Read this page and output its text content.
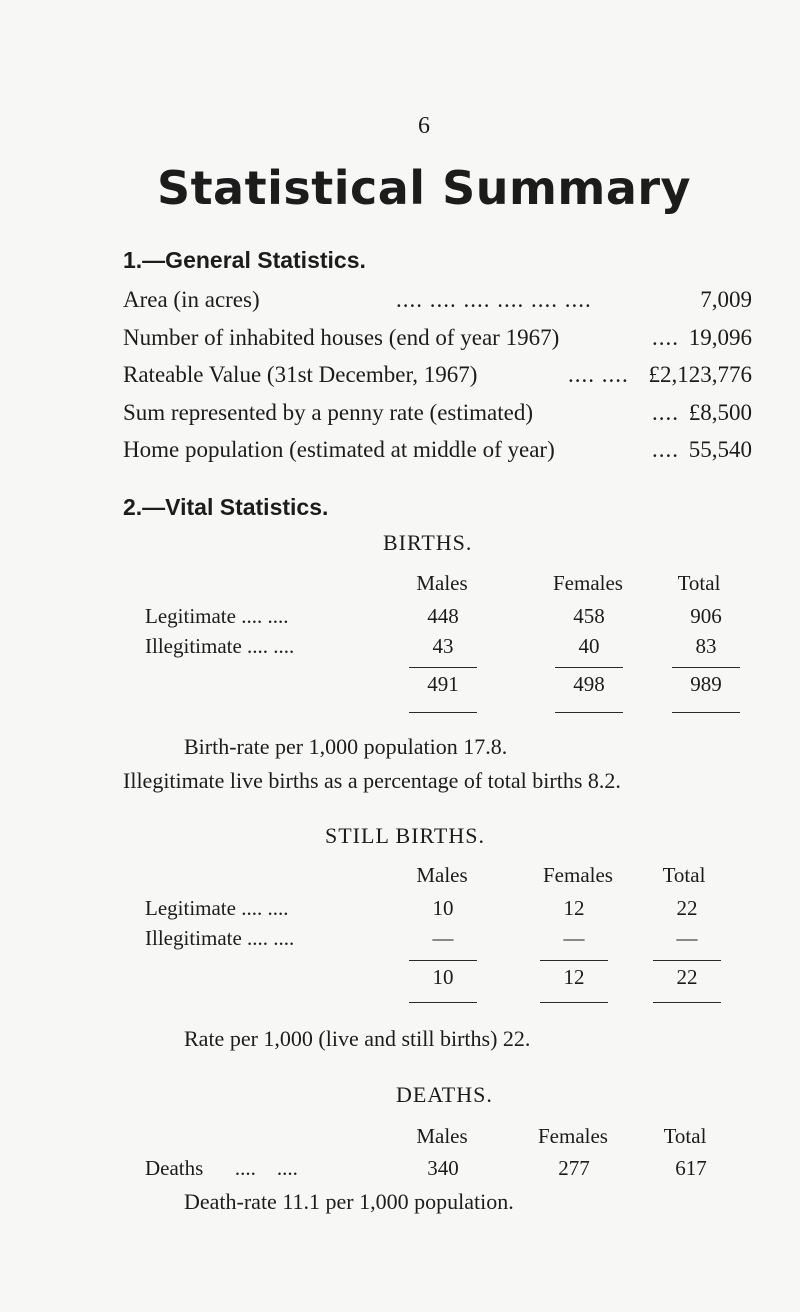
6
Statistical Summary
1.—General Statistics.
Area (in acres)	.... .... .... .... .... ....	7,009
Number of inhabited houses (end of year 1967)	.... 19,096
Rateable Value (31st December, 1967)	.... .... £2,123,776
Sum represented by a penny rate (estimated)	.... £8,500
Home population (estimated at middle of year)	.... 55,540
2.—Vital Statistics.
BIRTHS.
Males	Females	Total
Legitimate .... ....	448	458	906
Illegitimate .... ....	43	40	83
491	498	989
Birth-rate per 1,000 population 17.8.
Illegitimate live births as a percentage of total births 8.2.
STILL BIRTHS.
Males	Females	Total
Legitimate .... ....	10	12	22
Illegitimate .... ....	—	—	—
10	12	22
Rate per 1,000 (live and still births) 22.
DEATHS.
Males	Females	Total
Deaths      ....    ....	340	277	617
Death-rate 11.1 per 1,000 population.
